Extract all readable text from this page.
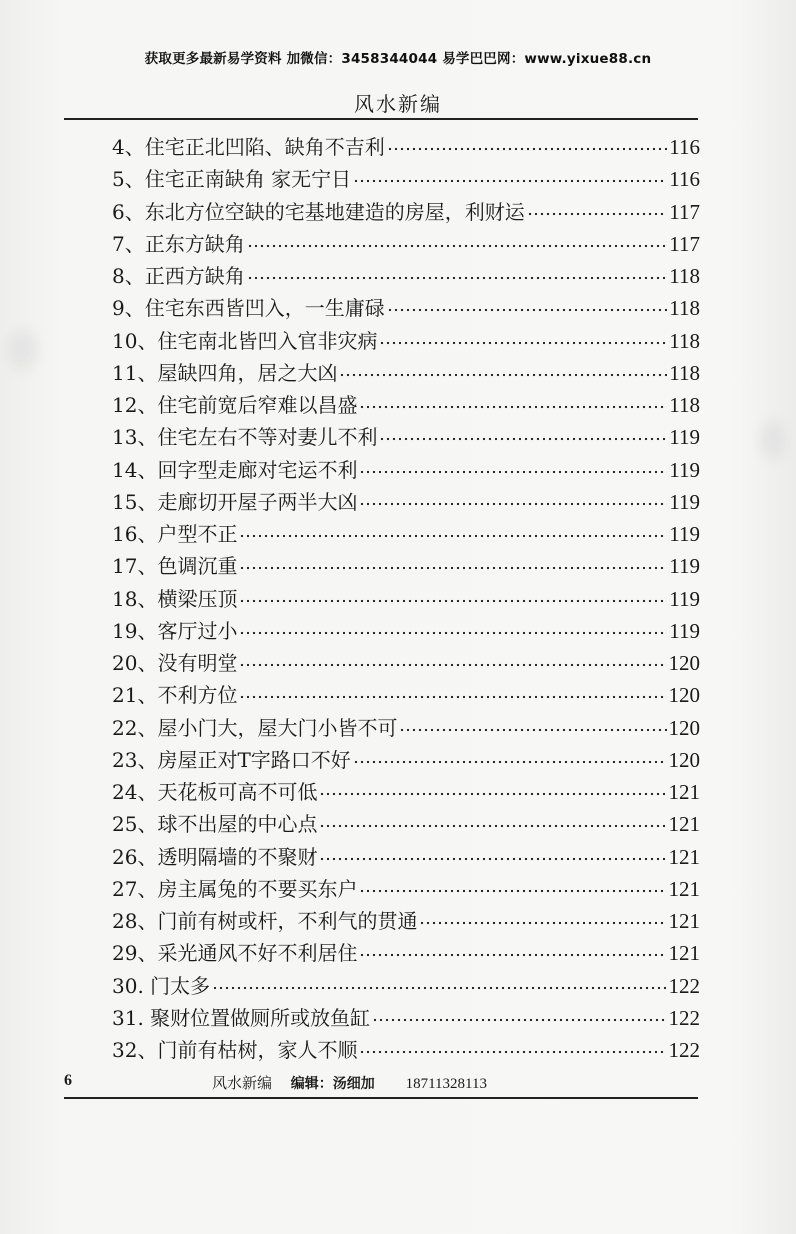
获取更多最新易学资料 加微信：3458344044 易学巴巴网：www.yixue88.cn
风水新编
4、住宅正北凹陷、缺角不吉利	116
5、住宅正南缺角 家无宁日	116
6、东北方位空缺的宅基地建造的房屋，利财运	117
7、正东方缺角	117
8、正西方缺角	118
9、住宅东西皆凹入，一生庸碌	118
10、住宅南北皆凹入官非灾病	118
11、屋缺四角，居之大凶	118
12、住宅前宽后窄难以昌盛	118
13、住宅左右不等对妻儿不利	119
14、回字型走廊对宅运不利	119
15、走廊切开屋子两半大凶	119
16、户型不正	119
17、色调沉重	119
18、横梁压顶	119
19、客厅过小	119
20、没有明堂	120
21、不利方位	120
22、屋小门大，屋大门小皆不可	120
23、房屋正对T字路口不好	120
24、天花板可高不可低	121
25、球不出屋的中心点	121
26、透明隔墙的不聚财	121
27、房主属兔的不要买东户	121
28、门前有树或杆，不利气的贯通	121
29、采光通风不好不利居住	121
30. 门太多	122
31. 聚财位置做厕所或放鱼缸	122
32、门前有枯树，家人不顺	122
6	风水新编 编辑：汤细加 18711328113
